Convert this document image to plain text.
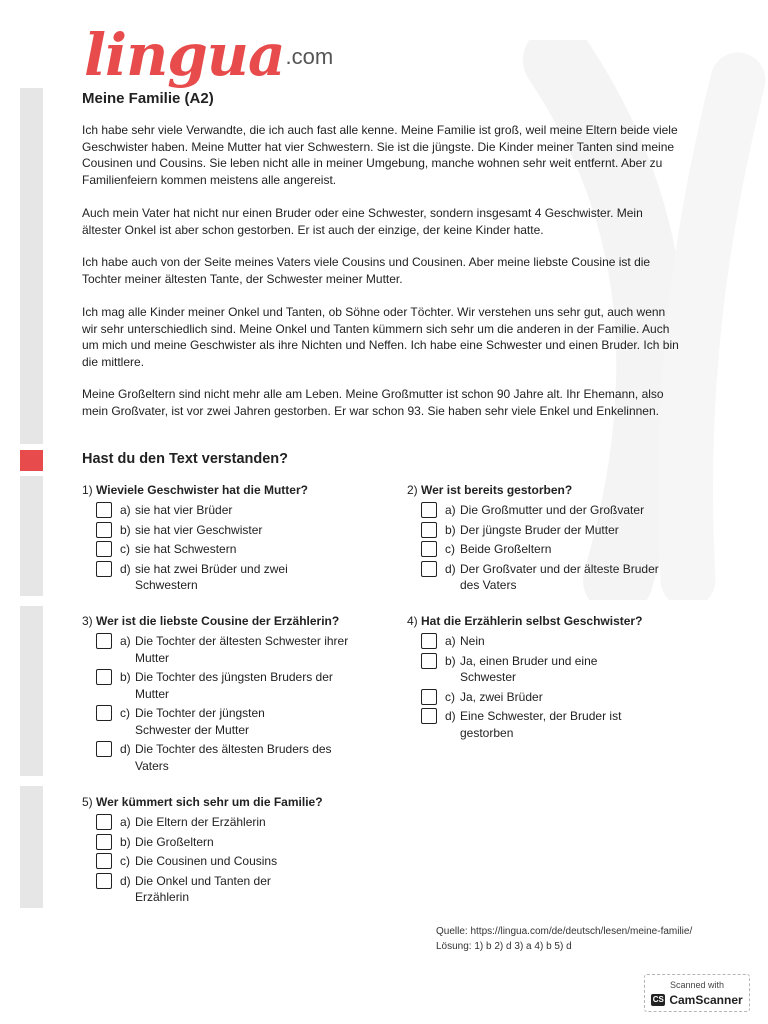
lingua .com
Meine Familie (A2)

Ich habe sehr viele Verwandte, die ich auch fast alle kenne. Meine Familie ist groß, weil meine Eltern beide viele Geschwister haben. Meine Mutter hat vier Schwestern. Sie ist die jüngste. Die Kinder meiner Tanten sind meine Cousinen und Cousins. Sie leben nicht alle in meiner Umgebung, manche wohnen sehr weit entfernt. Aber zu Familienfeiern kommen meistens alle angereist.

Auch mein Vater hat nicht nur einen Bruder oder eine Schwester, sondern insgesamt 4 Geschwister. Mein ältester Onkel ist aber schon gestorben. Er ist auch der einzige, der keine Kinder hatte.

Ich habe auch von der Seite meines Vaters viele Cousins und Cousinen. Aber meine liebste Cousine ist die Tochter meiner ältesten Tante, der Schwester meiner Mutter.

Ich mag alle Kinder meiner Onkel und Tanten, ob Söhne oder Töchter. Wir verstehen uns sehr gut, auch wenn wir sehr unterschiedlich sind. Meine Onkel und Tanten kümmern sich sehr um die anderen in der Familie. Auch um mich und meine Geschwister als ihre Nichten und Neffen. Ich habe eine Schwester und einen Bruder. Ich bin die mittlere.

Meine Großeltern sind nicht mehr alle am Leben. Meine Großmutter ist schon 90 Jahre alt. Ihr Ehemann, also mein Großvater, ist vor zwei Jahren gestorben. Er war schon 93. Sie haben sehr viele Enkel und Enkelinnen.

Hast du den Text verstanden?
1) Wieviele Geschwister hat die Mutter?
a) sie hat vier Brüder
b) sie hat vier Geschwister
c) sie hat Schwestern
d) sie hat zwei Brüder und zwei Schwestern
2) Wer ist bereits gestorben?
a) Die Großmutter und der Großvater
b) Der jüngste Bruder der Mutter
c) Beide Großeltern
d) Der Großvater und der älteste Bruder des Vaters
3) Wer ist die liebste Cousine der Erzählerin?
a) Die Tochter der ältesten Schwester ihrer Mutter
b) Die Tochter des jüngsten Bruders der Mutter
c) Die Tochter der jüngsten Schwester der Mutter
d) Die Tochter des ältesten Bruders des Vaters
4) Hat die Erzählerin selbst Geschwister?
a) Nein
b) Ja, einen Bruder und eine Schwester
c) Ja, zwei Brüder
d) Eine Schwester, der Bruder ist gestorben
5) Wer kümmert sich sehr um die Familie?
a) Die Eltern der Erzählerin
b) Die Großeltern
c) Die Cousinen und Cousins
d) Die Onkel und Tanten der Erzählerin
Quelle: https://lingua.com/de/deutsch/lesen/meine-familie/
Lösung: 1) b 2) d 3) a 4) b 5) d
Scanned with
CS CamScanner
